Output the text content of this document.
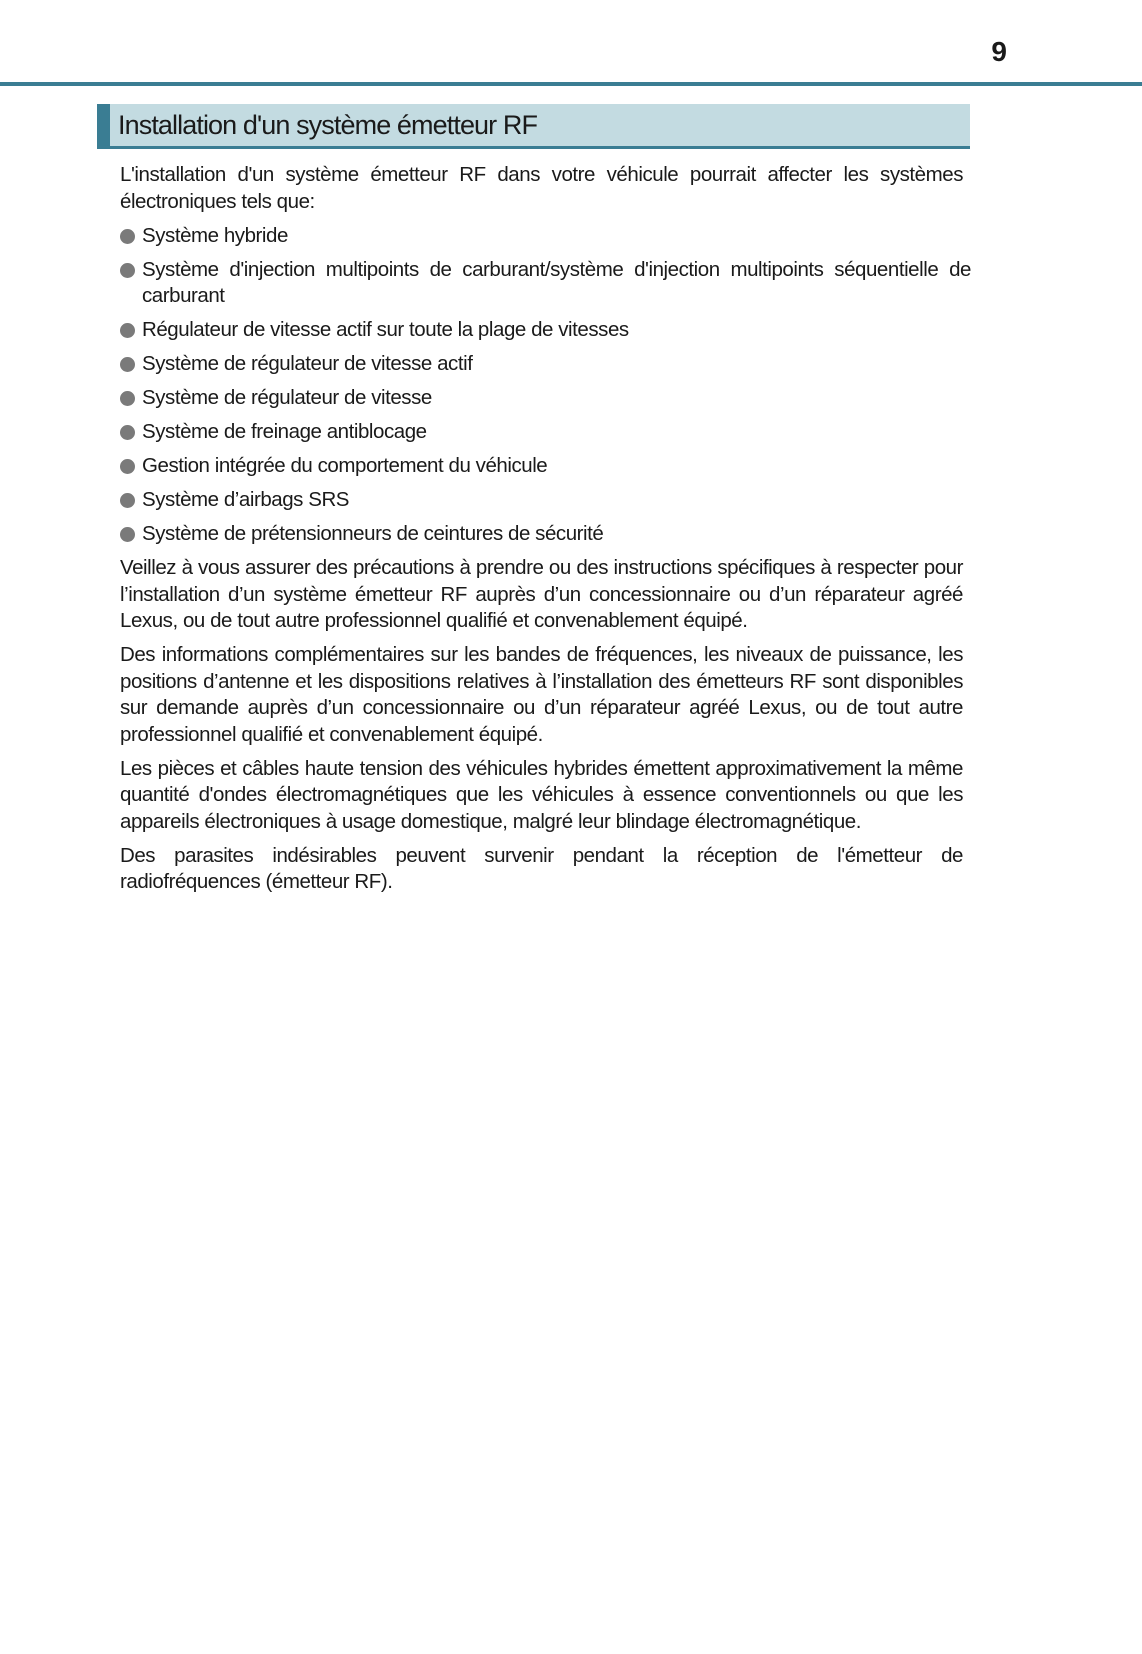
9
Installation d'un système émetteur RF

L'installation d'un système émetteur RF dans votre véhicule pourrait affecter les systèmes électroniques tels que:

Système hybride
Système d'injection multipoints de carburant/système d'injection multipoints séquentielle de carburant
Régulateur de vitesse actif sur toute la plage de vitesses
Système de régulateur de vitesse actif
Système de régulateur de vitesse
Système de freinage antiblocage
Gestion intégrée du comportement du véhicule
Système d’airbags SRS
Système de prétensionneurs de ceintures de sécurité

Veillez à vous assurer des précautions à prendre ou des instructions spécifiques à respecter pour l’installation d’un système émetteur RF auprès d’un concessionnaire ou d’un réparateur agréé Lexus, ou de tout autre professionnel qualifié et convenablement équipé.

Des informations complémentaires sur les bandes de fréquences, les niveaux de puissance, les positions d’antenne et les dispositions relatives à l’installation des émetteurs RF sont disponibles sur demande auprès d’un concessionnaire ou d’un réparateur agréé Lexus, ou de tout autre professionnel qualifié et convenablement équipé.

Les pièces et câbles haute tension des véhicules hybrides émettent approximativement la même quantité d'ondes électromagnétiques que les véhicules à essence conventionnels ou que les appareils électroniques à usage domestique, malgré leur blindage électromagnétique.

Des parasites indésirables peuvent survenir pendant la réception de l'émetteur de radiofréquences (émetteur RF).
